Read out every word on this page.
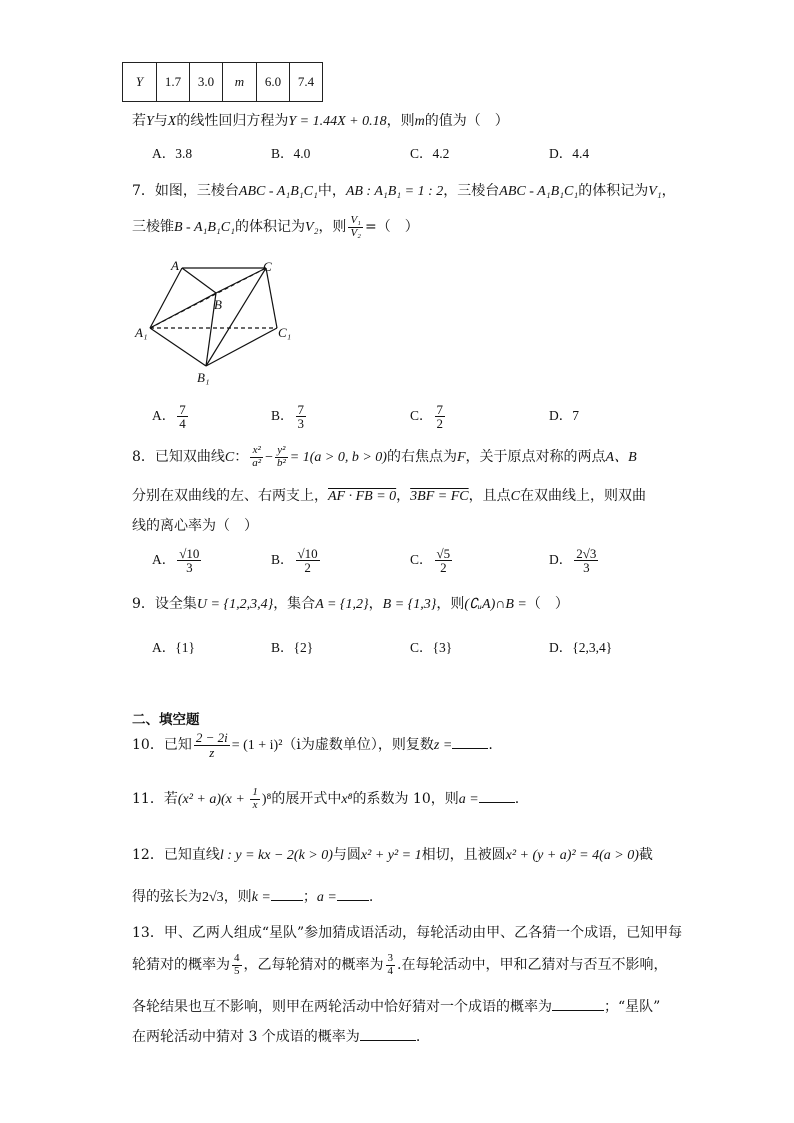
Y	1.7	3.0	m	6.0	7.4
若Y与X的线性回归方程为Y = 1.44X + 0.18，则m的值为（　）
A．3.8	B．4.0	C．4.2	D．4.4
7．如图，三棱台ABC - A₁B₁C₁中，AB : A₁B₁ = 1 : 2，三棱台ABC - A₁B₁C₁的体积记为V₁，
三棱锥B - A₁B₁C₁的体积记为V₂，则 $\frac{\text{V₁}}{\text{V₂}}$ =（　）
A
B
C
A₁
B₁
C₁
A． $\frac{7}{4}$	B． $\frac{7}{3}$	C． $\frac{7}{2}$	D．7
8．已知双曲线C： $\frac{\text{x²}}{\text{a²}} - \frac{\text{y²}}{\text{b²}} = 1(a > 0$, b > 0)的右焦点为F，关于原点对称的两点A、B
分别在双曲线的左、右两支上，AF · FB = 0，3BF = FC，且点C在双曲线上，则双曲
线的离心率为（　）
A． $\frac{√10}{3}$	B． $\frac{√10}{2}$	C． $\frac{√5}{2}$	D． $\frac{2√3}{3}$
9．设全集U = {1,2,3,4}，集合A = {1,2}，B = {1,3}，则(∁ᵤA)∩B =（　）
A．{1}	B．{2}	C．{3}	D．{2,3,4}
二、填空题
10．已知 $\frac{2 - 2i}{z} = (1 + i)^2(i$为虚数单位），则复数z =	.
11．若$(x^2 + a)(x + \frac{1}{x} )^8$的展开式中x⁸的系数为 10，则a =	.
12．已知直线l : y = kx − 2(k > 0)与圆x² + y² = 1相切，且被圆x² + (y + a)² = 4(a > 0)截
得的弦长为2√3，则k = ；a = .
13．甲、乙两人组成“星队”参加猜成语活动，每轮活动由甲、乙各猜一个成语，已知甲每
轮猜对的概率为 $\frac{4}{5}$ ，乙每轮猜对的概率为 $\frac{3}{4}$ .在每轮活动中，甲和乙猜对与否互不影响，
各轮结果也互不影响，则甲在两轮活动中恰好猜对一个成语的概率为	；“星队”
在两轮活动中猜对 3 个成语的概率为	.
